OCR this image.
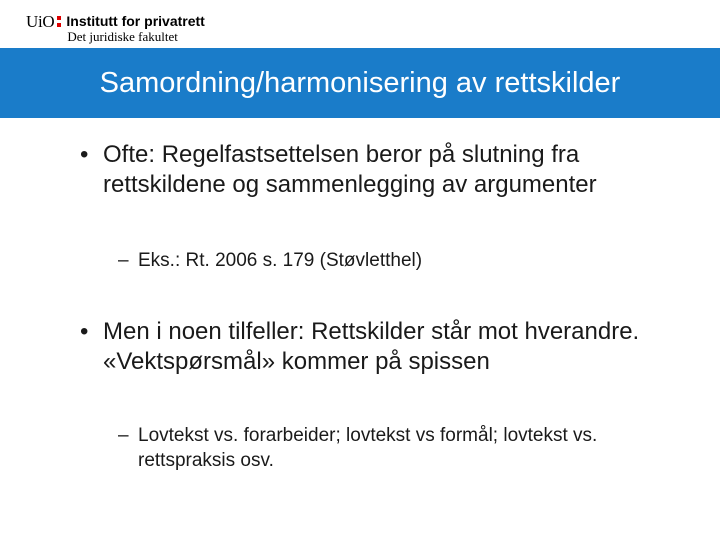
UiO Institutt for privatrett
Det juridiske fakultet
Samordning/harmonisering av rettskilder
• Ofte: Regelfastsettelsen beror på slutning fra rettskildene og sammenlegging av argumenter
– Eks.: Rt. 2006 s. 179 (Støvletthel)
• Men i noen tilfeller: Rettskilder står mot hverandre. «Vektspørsmål» kommer på spissen
– Lovtekst vs. forarbeider; lovtekst vs formål; lovtekst vs. rettspraksis osv.
